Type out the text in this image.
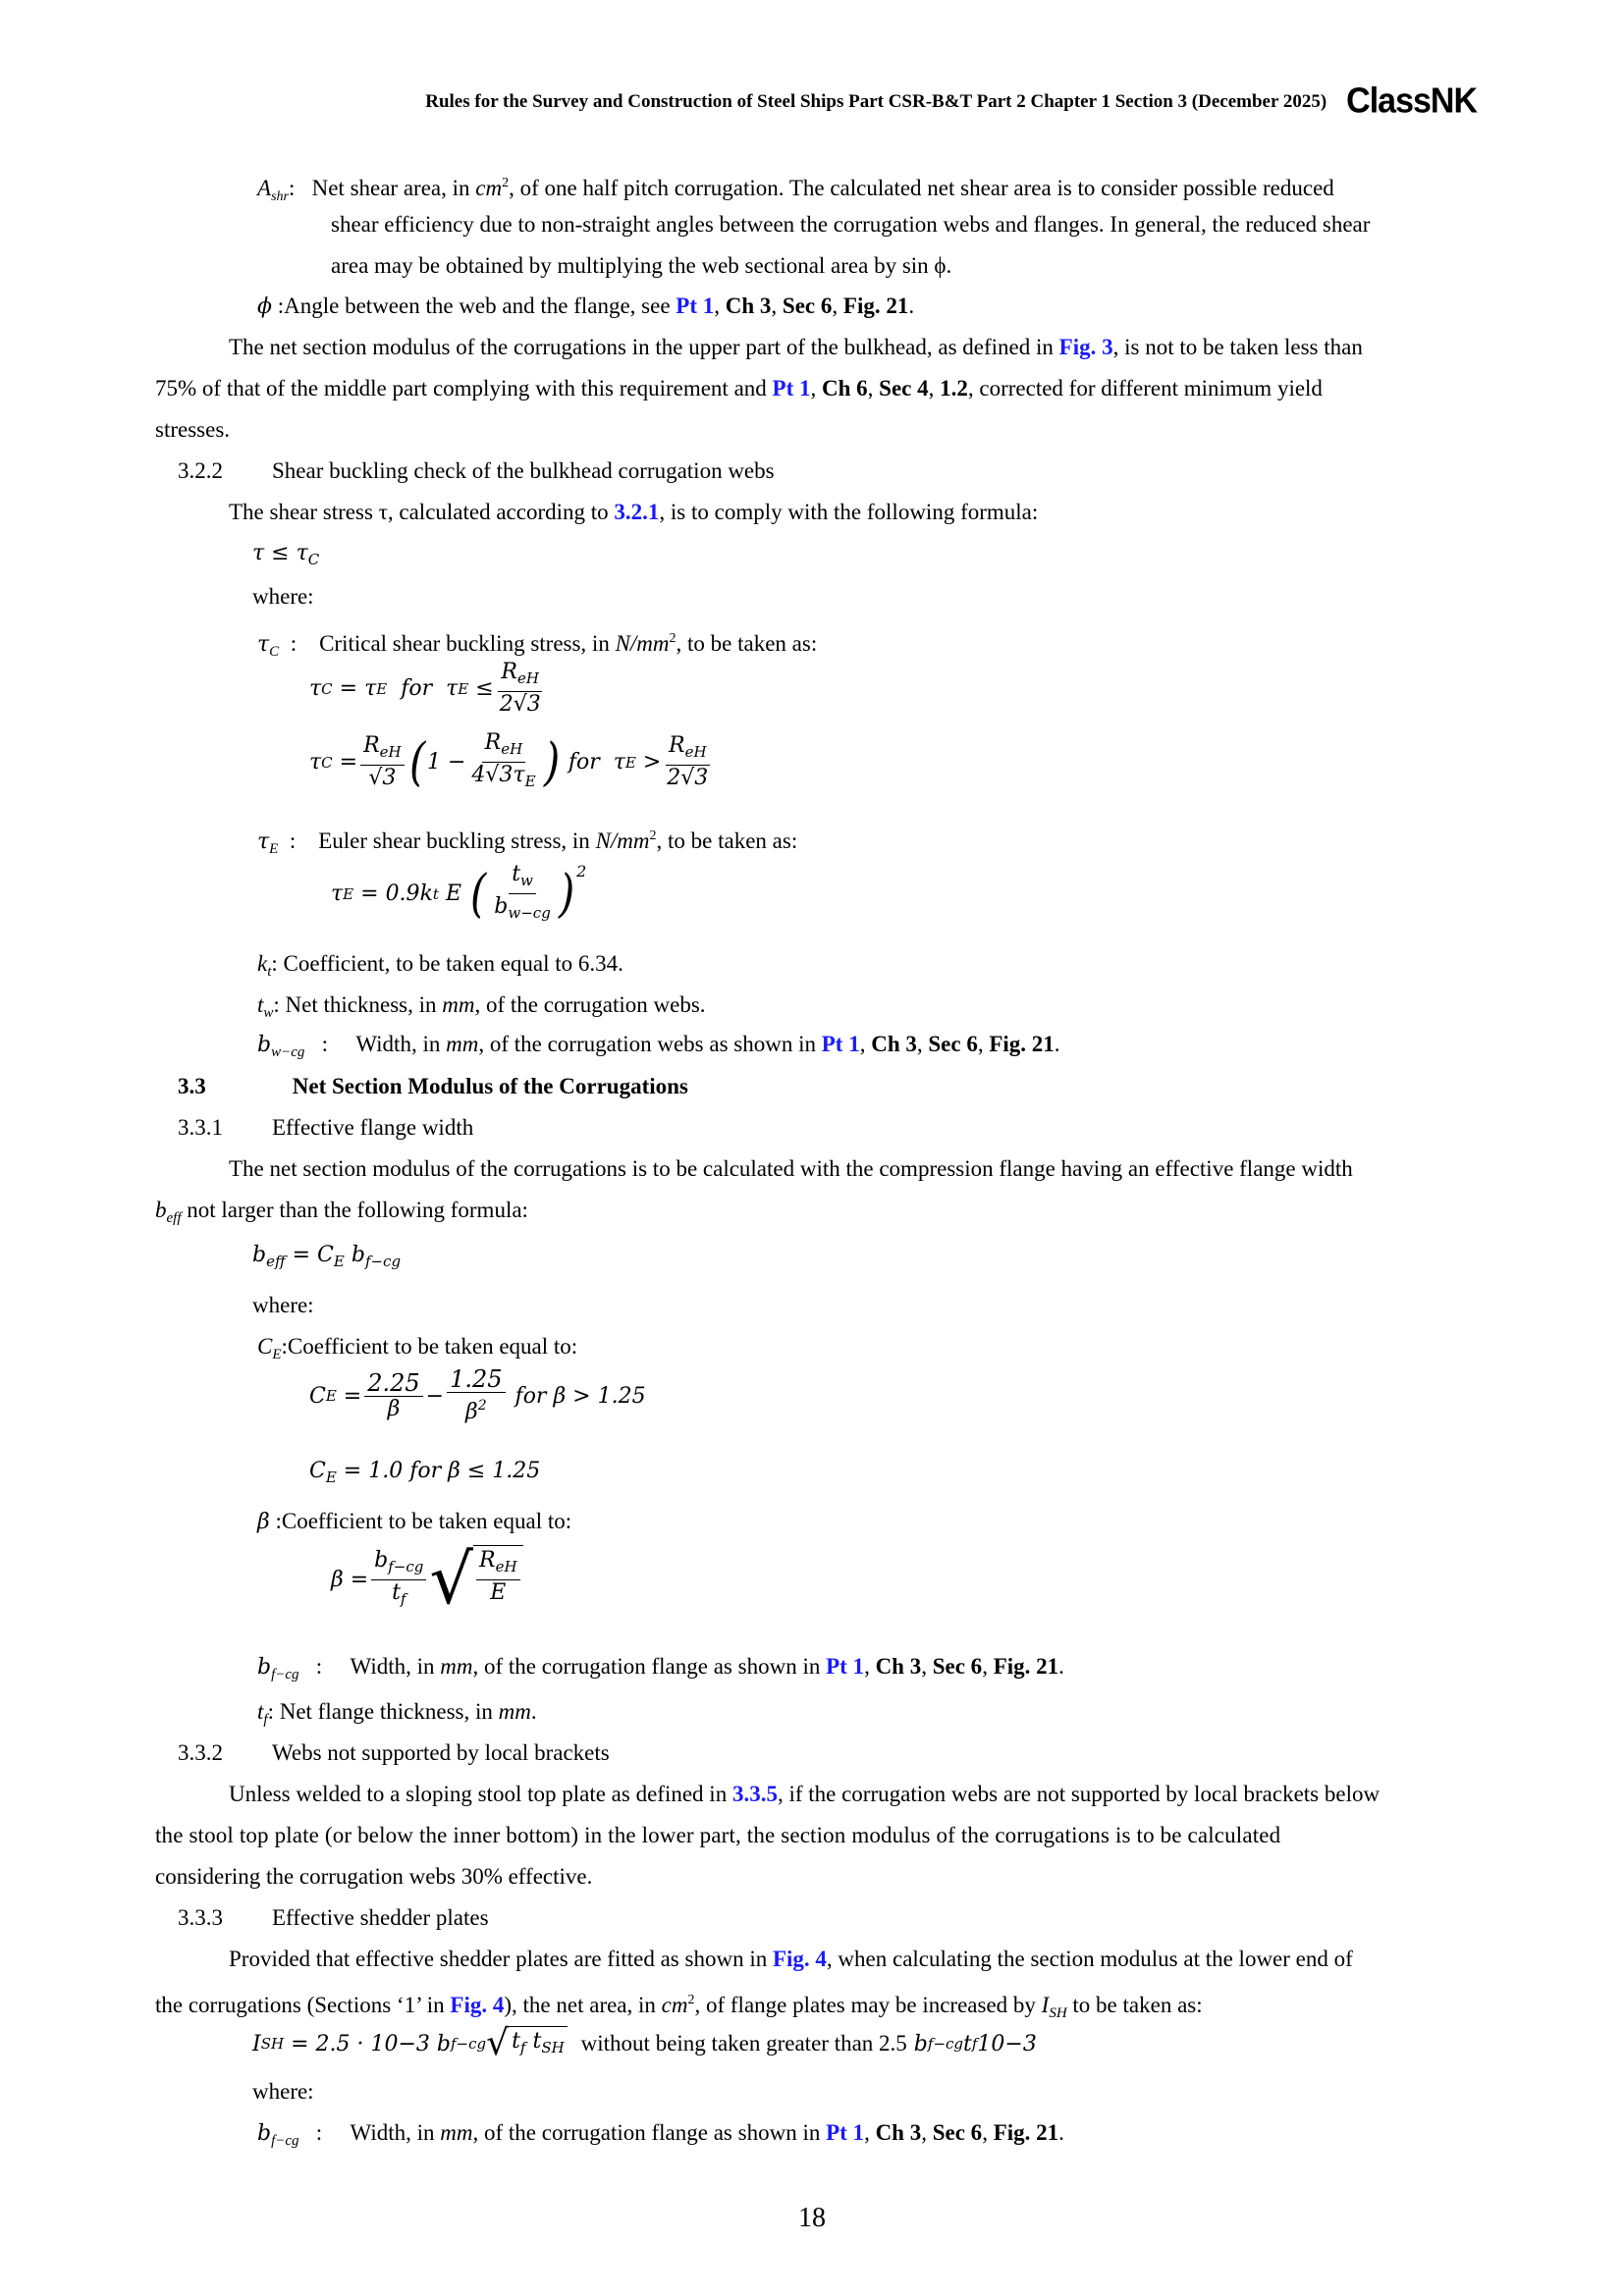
Rules for the Survey and Construction of Steel Ships Part CSR-B&T Part 2 Chapter 1 Section 3 (December 2025) ClassNK
$A_{shr}$: Net shear area, in $cm^2$, of one half pitch corrugation. The calculated net shear area is to consider possible reduced
shear efficiency due to non-straight angles between the corrugation webs and flanges. In general, the reduced shear
area may be obtained by multiplying the web sectional area by sin ϕ.
ϕ :Angle between the web and the flange, see Pt 1, Ch 3, Sec 6, Fig. 21.
The net section modulus of the corrugations in the upper part of the bulkhead, as defined in Fig. 3, is not to be taken less than
75% of that of the middle part complying with this requirement and Pt 1, Ch 6, Sec 4, 1.2, corrected for different minimum yield
stresses.
3.2.2 Shear buckling check of the bulkhead corrugation webs
The shear stress τ, calculated according to 3.2.1, is to comply with the following formula:
$\tau \le \tau_C$
where:
$\tau_C$ : Critical shear buckling stress, in $N/mm^2$, to be taken as:
τ C
=
τ E
for
τ E
≤ $\frac{R_{eH}}{2√3}$
τ C
= $\frac{R_{eH}}{√3}$ ( 1
− $\frac{R_{eH}}{4√3\tau_E}$ )
for
τ E
> $\frac{R_{eH}}{2√3}$
$\tau_E$ : Euler shear buckling stress, in $N/mm^2$, to be taken as:
τ E
=
0.9 k t
E
( $\frac{t_w}{b_{w-cg}}$ ) 2
$k_t$: Coefficient, to be taken equal to 6.34.
$t_w$: Net thickness, in mm, of the corrugation webs.
$b_{w-cg}$ : Width, in mm, of the corrugation webs as shown in Pt 1, Ch 3, Sec 6, Fig. 21.
3.3	Net Section Modulus of the Corrugations
3.3.1 Effective flange width
The net section modulus of the corrugations is to be calculated with the compression flange having an effective flange width
$b_{eff}$ not larger than the following formula:
$b_{eff} = C_E$ $b_{f-cg}$
where:
$C_E:Coefficient$ to be taken equal to:
C E
= $\frac{2.25}{\beta} - \frac{1.25}{\beta^2}$
for β > 1.25
$C_E = 1.0$ for β ≤ 1.25
β :Coefficient to be taken equal to:
β
= $\frac{b_{f-cg}}{t_f}$ √ $\frac{R_{eH}}{E}$
$b_{f-cg}$ : Width, in mm, of the corrugation flange as shown in Pt 1, Ch 3, Sec 6, Fig. 21.
$t_f$: Net flange thickness, in mm.
3.3.2 Webs not supported by local brackets
Unless welded to a sloping stool top plate as defined in 3.3.5, if the corrugation webs are not supported by local brackets below
the stool top plate (or below the inner bottom) in the lower part, the section modulus of the corrugations is to be calculated
considering the corrugation webs 30% effective.
3.3.3 Effective shedder plates
Provided that effective shedder plates are fitted as shown in Fig. 4, when calculating the section modulus at the lower end of
the corrugations (Sections ‘1’ in Fig. 4), the net area, in $cm^2$, of flange plates may be increased by $I_{SH}$ to be taken as:
I SH
= 2.5 · 10 −3
b f−cg √ $t_f$ $t_{SH}$
without being taken greater than 2.5
b f−cg t f 10 −3
where:
$b_{f-cg}$ : Width, in mm, of the corrugation flange as shown in Pt 1, Ch 3, Sec 6, Fig. 21.
18
